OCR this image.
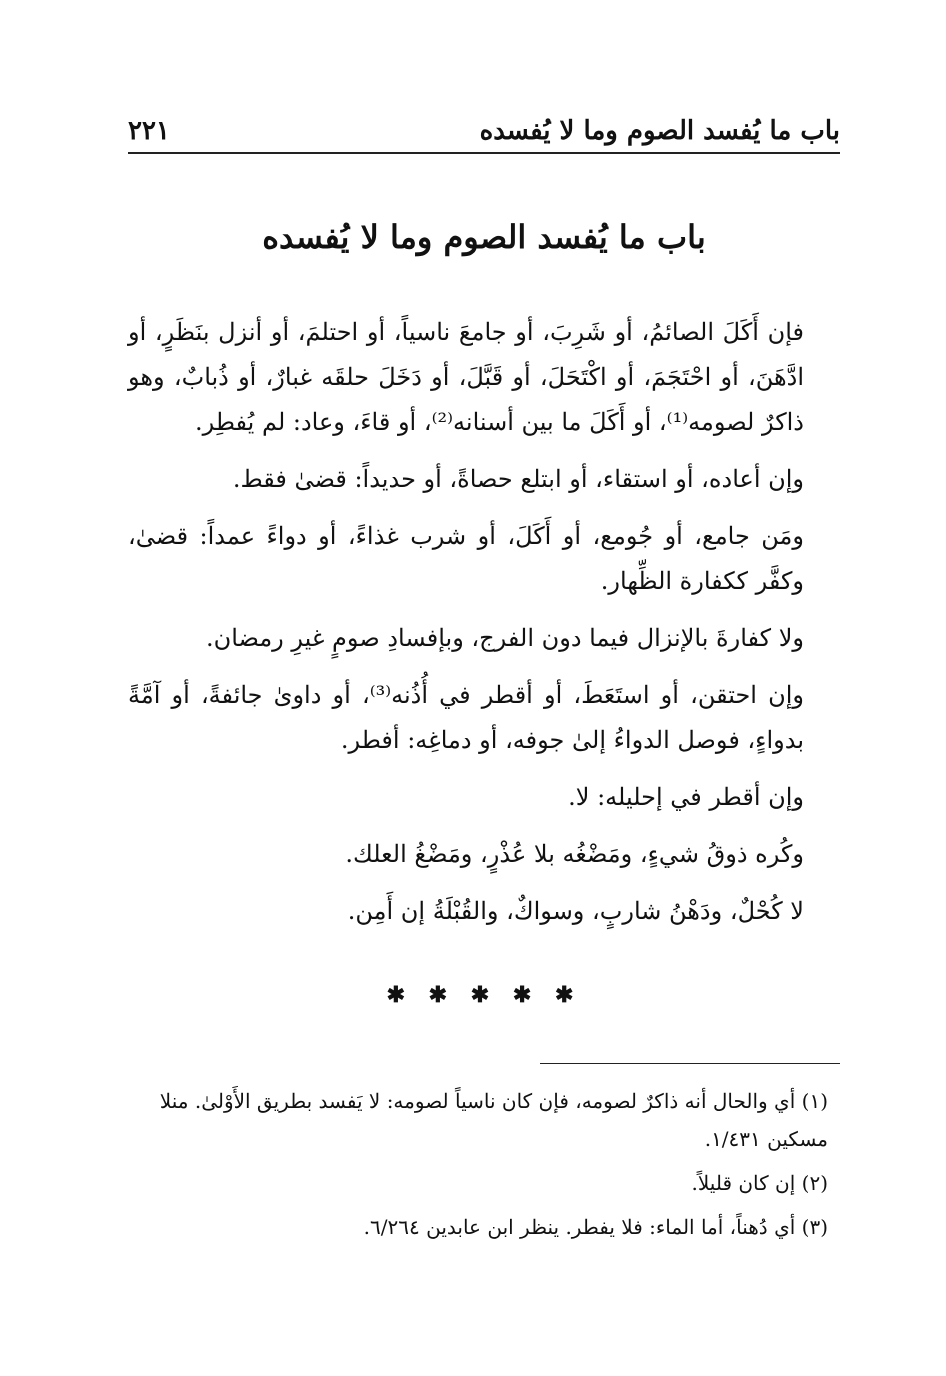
باب ما يُفسد الصوم وما لا يُفسده
٢٢١
باب ما يُفسد الصوم وما لا يُفسده

فإن أَكَلَ الصائمُ، أو شَرِبَ، أو جامعَ ناسياً، أو احتلمَ، أو أنزل بنَظَرٍ، أو ادَّهَنَ، أو احْتَجَمَ، أو اكْتَحَلَ، أو قَبَّلَ، أو دَخَلَ حلقَه غبارٌ، أو ذُبابٌ، وهو ذاكرٌ لصومه⁽¹⁾، أو أَكَلَ ما بين أسنانه⁽²⁾، أو قاءَ، وعاد: لم يُفطِر.

وإن أعاده، أو استقاء، أو ابتلع حصاةً، أو حديداً: قضىٰ فقط.

ومَن جامع، أو جُومع، أو أَكَلَ، أو شرب غذاءً، أو دواءً عمداً: قضىٰ، وكفَّر ككفارة الظِّهار.

ولا كفارةَ بالإنزال فيما دون الفرج، وبإفسادِ صومٍ غيرِ رمضان.

وإن احتقن، أو استَعَطَ، أو أقطر في أُذُنه⁽³⁾، أو داوىٰ جائفةً، أو آمَّةً بدواءٍ، فوصل الدواءُ إلىٰ جوفه، أو دماغِه: أفطر.

وإن أقطر في إحليله: لا.

وكُره ذوقُ شيءٍ، ومَضْغُه بلا عُذْرٍ، ومَضْغُ العلك.

لا كُحْلٌ، ودَهْنُ شاربٍ، وسواكٌ، والقُبْلَةُ إن أَمِن.

✱ ✱ ✱ ✱ ✱

(١) أي والحال أنه ذاكرٌ لصومه، فإن كان ناسياً لصومه: لا يَفسد بطريق الأَوْلىٰ. منلا مسكين ١/٤٣١.

(٢) إن كان قليلاً.

(٣) أي دُهناً، أما الماء: فلا يفطر. ينظر ابن عابدين ٦/٢٦٤.
